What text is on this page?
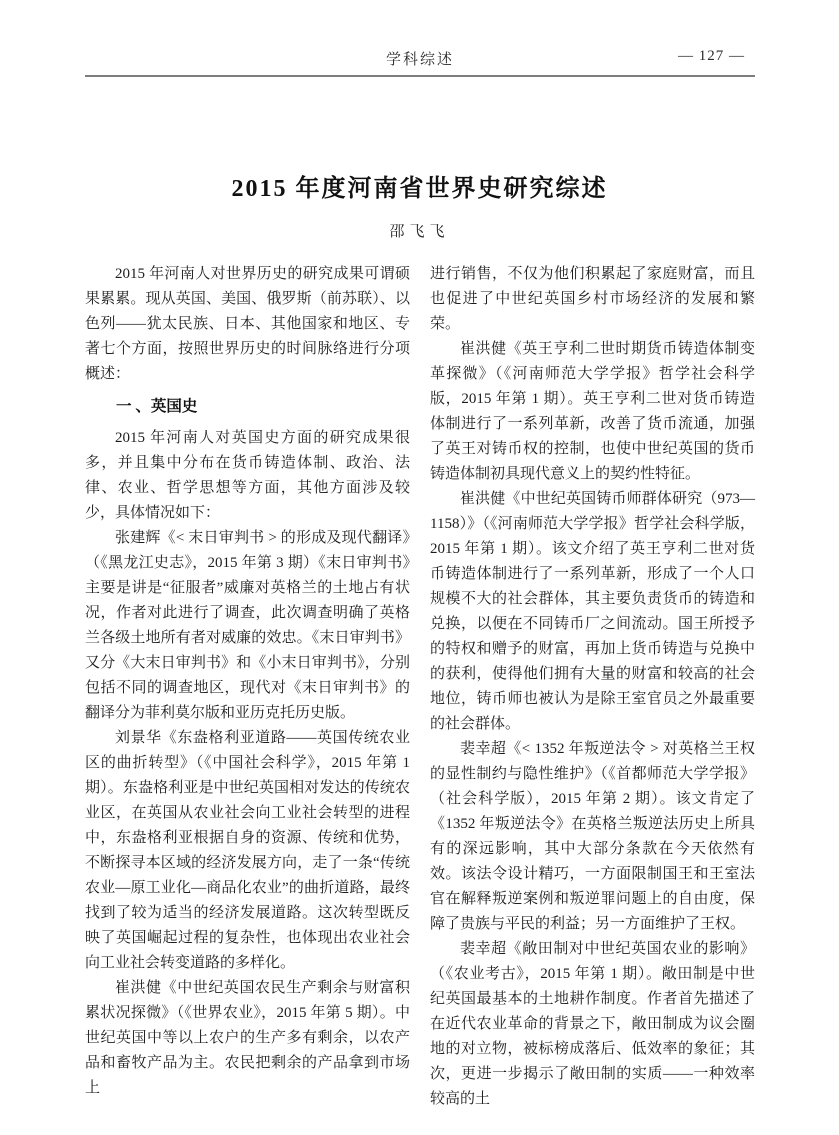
学科综述	— 127 —
2015 年度河南省世界史研究综述
邵飞飞

2015 年河南人对世界历史的研究成果可谓硕果累累。现从英国、美国、俄罗斯（前苏联）、以色列——犹太民族、日本、其他国家和地区、专著七个方面，按照世界历史的时间脉络进行分项概述：

一 、英国史

2015 年河南人对英国史方面的研究成果很多，并且集中分布在货币铸造体制、政治、法律、农业、哲学思想等方面，其他方面涉及较少，具体情况如下：

张建辉《< 末日审判书 > 的形成及现代翻译》（《黑龙江史志》，2015 年第 3 期）《末日审判书》主要是讲是“征服者”威廉对英格兰的土地占有状况，作者对此进行了调查，此次调查明确了英格兰各级土地所有者对威廉的效忠。《末日审判书》又分《大末日审判书》和《小末日审判书》，分别包括不同的调查地区，现代对《末日审判书》的翻译分为菲利莫尔版和亚历克托历史版。

刘景华《东盎格利亚道路——英国传统农业区的曲折转型》（《中国社会科学》，2015 年第 1 期）。东盎格利亚是中世纪英国相对发达的传统农业区，在英国从农业社会向工业社会转型的进程中，东盎格利亚根据自身的资源、传统和优势，不断探寻本区域的经济发展方向，走了一条“传统农业—原工业化—商品化农业”的曲折道路，最终找到了较为适当的经济发展道路。这次转型既反映了英国崛起过程的复杂性，也体现出农业社会向工业社会转变道路的多样化。

崔洪健《中世纪英国农民生产剩余与财富积累状况探微》（《世界农业》，2015 年第 5 期）。中世纪英国中等以上农户的生产多有剩余，以农产品和畜牧产品为主。农民把剩余的产品拿到市场上

进行销售，不仅为他们积累起了家庭财富，而且也促进了中世纪英国乡村市场经济的发展和繁荣。

崔洪健《英王亨利二世时期货币铸造体制变革探微》（《河南师范大学学报》哲学社会科学版，2015 年第 1 期）。英王亨利二世对货币铸造体制进行了一系列革新，改善了货币流通，加强了英王对铸币权的控制，也使中世纪英国的货币铸造体制初具现代意义上的契约性特征。

崔洪健《中世纪英国铸币师群体研究（973—1158）》（《河南师范大学学报》哲学社会科学版，2015 年第 1 期）。该文介绍了英王亨利二世对货币铸造体制进行了一系列革新，形成了一个人口规模不大的社会群体，其主要负责货币的铸造和兑换，以便在不同铸币厂之间流动。国王所授予的特权和赠予的财富，再加上货币铸造与兑换中的获利，使得他们拥有大量的财富和较高的社会地位，铸币师也被认为是除王室官员之外最重要的社会群体。

裴幸超《< 1352 年叛逆法令 > 对英格兰王权的显性制约与隐性维护》（《首都师范大学学报》（社会科学版），2015 年第 2 期）。该文肯定了《1352 年叛逆法令》在英格兰叛逆法历史上所具有的深远影响，其中大部分条款在今天依然有效。该法令设计精巧，一方面限制国王和王室法官在解释叛逆案例和叛逆罪问题上的自由度，保障了贵族与平民的利益；另一方面维护了王权。

裴幸超《敞田制对中世纪英国农业的影响》（《农业考古》，2015 年第 1 期）。敞田制是中世纪英国最基本的土地耕作制度。作者首先描述了在近代农业革命的背景之下，敞田制成为议会圈地的对立物，被标榜成落后、低效率的象征；其次，更进一步揭示了敞田制的实质——一种效率较高的土
